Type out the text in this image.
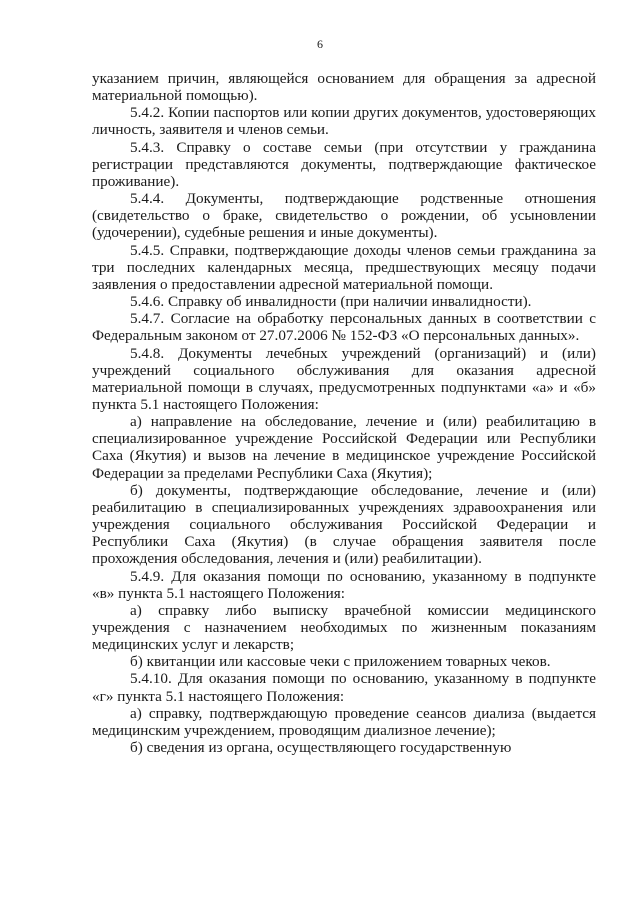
6

указанием причин, являющейся основанием для обращения за адресной материальной помощью).

5.4.2. Копии паспортов или копии других документов, удостоверяющих личность, заявителя и членов семьи.

5.4.3. Справку о составе семьи (при отсутствии у гражданина регистрации представляются документы, подтверждающие фактическое проживание).

5.4.4. Документы, подтверждающие родственные отношения (свидетельство о браке, свидетельство о рождении, об усыновлении (удочерении), судебные решения и иные документы).

5.4.5. Справки, подтверждающие доходы членов семьи гражданина за три последних календарных месяца, предшествующих месяцу подачи заявления о предоставлении адресной материальной помощи.

5.4.6. Справку об инвалидности (при наличии инвалидности).

5.4.7. Согласие на обработку персональных данных в соответствии с Федеральным законом от 27.07.2006 № 152-ФЗ «О персональных данных».

5.4.8. Документы лечебных учреждений (организаций) и (или) учреждений социального обслуживания для оказания адресной материальной помощи в случаях, предусмотренных подпунктами «а» и «б» пункта 5.1 настоящего Положения:

а) направление на обследование, лечение и (или) реабилитацию в специализированное учреждение Российской Федерации или Республики Саха (Якутия) и вызов на лечение в медицинское учреждение Российской Федерации за пределами Республики Саха (Якутия);

б) документы, подтверждающие обследование, лечение и (или) реабилитацию в специализированных учреждениях здравоохранения или учреждения социального обслуживания Российской Федерации и Республики Саха (Якутия) (в случае обращения заявителя после прохождения обследования, лечения и (или) реабилитации).

5.4.9. Для оказания помощи по основанию, указанному в подпункте «в» пункта 5.1 настоящего Положения:

а) справку либо выписку врачебной комиссии медицинского учреждения с назначением необходимых по жизненным показаниям медицинских услуг и лекарств;

б) квитанции или кассовые чеки с приложением товарных чеков.

5.4.10. Для оказания помощи по основанию, указанному в подпункте «г» пункта 5.1 настоящего Положения:

а) справку, подтверждающую проведение сеансов диализа (выдается медицинским учреждением, проводящим диализное лечение);

б) сведения из органа, осуществляющего государственную
